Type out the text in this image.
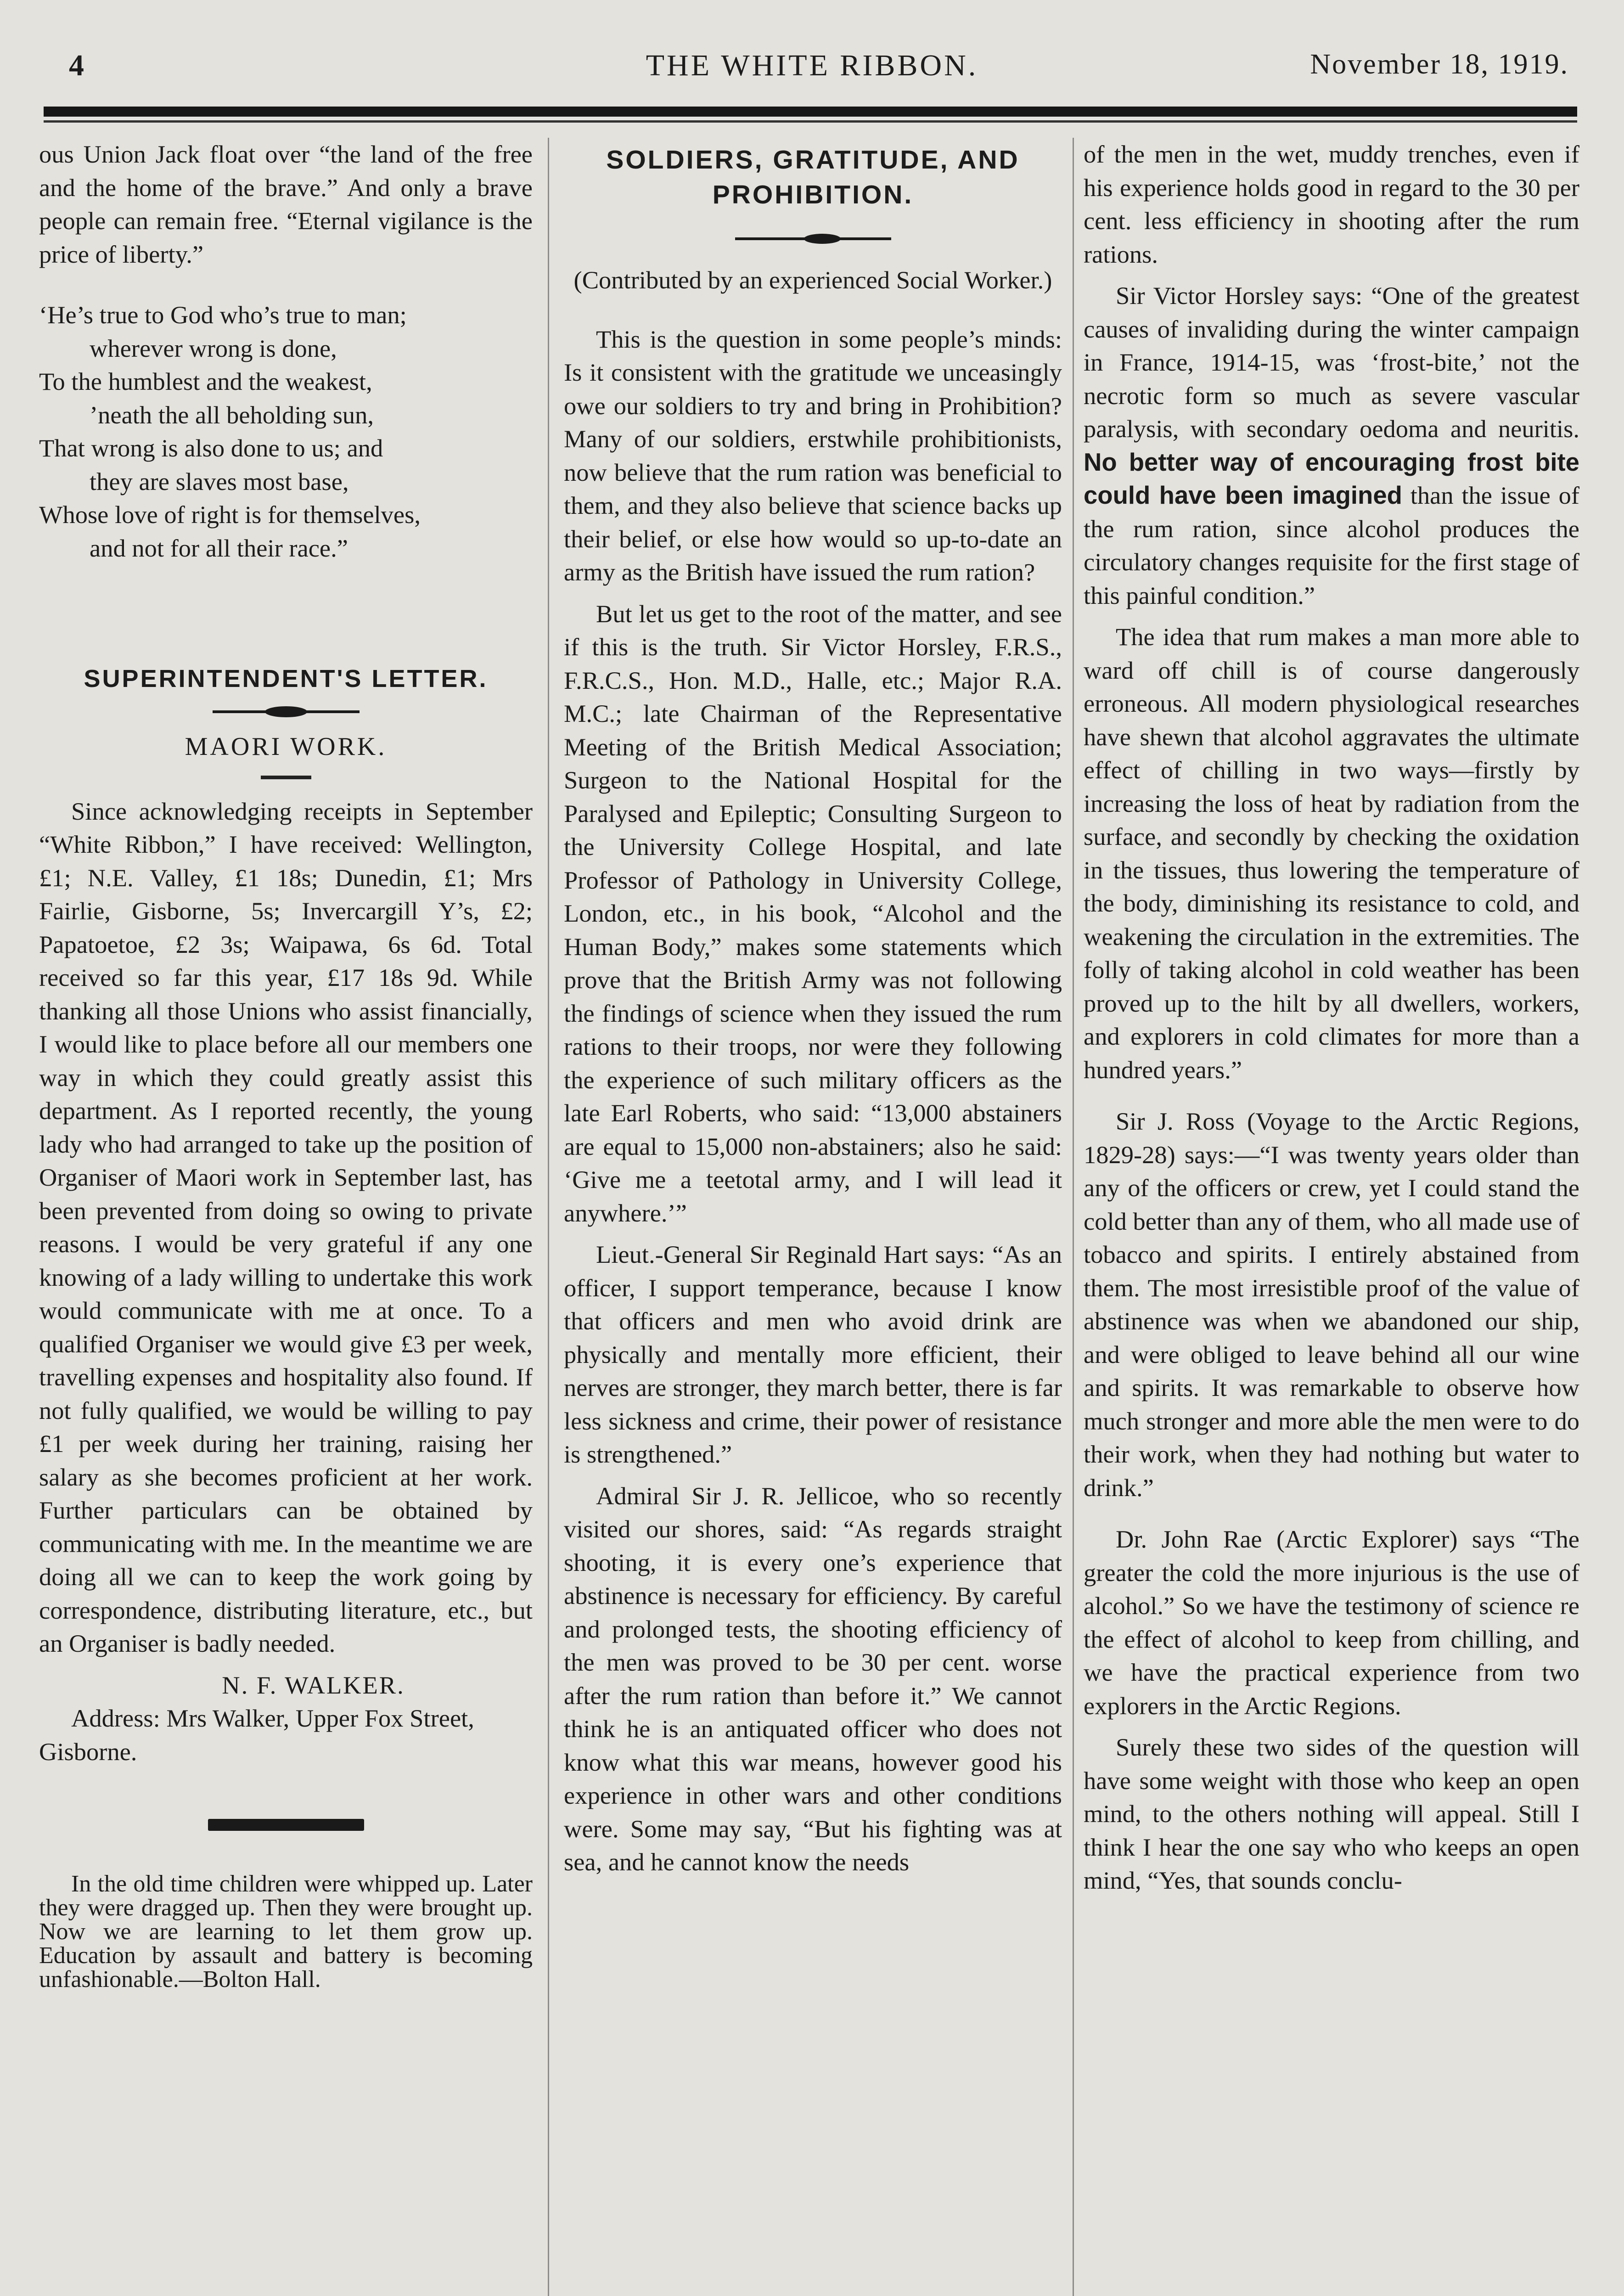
THE WHITE RIBBON.
4	November 18, 1919.

ous Union Jack float over “the land of the free and the home of the brave.” And only a brave people can remain free. “Eternal vigilance is the price of liberty.”

‘He’s true to God who’s true to man;
wherever wrong is done,
To the humblest and the weakest,
’neath the all beholding sun,
That wrong is also done to us; and
they are slaves most base,
Whose love of right is for themselves,
and not for all their race.”
SUPERINTENDENT'S LETTER.
MAORI WORK.

Since acknowledging receipts in September “White Ribbon,” I have received: Wellington, £1; N.E. Valley, £1 18s; Dunedin, £1; Mrs Fairlie, Gisborne, 5s; Invercargill Y’s, £2; Papatoetoe, £2 3s; Waipawa, 6s 6d. Total received so far this year, £17 18s 9d. While thanking all those Unions who assist financially, I would like to place before all our members one way in which they could greatly assist this department. As I reported recently, the young lady who had arranged to take up the position of Organiser of Maori work in September last, has been prevented from doing so owing to private reasons. I would be very grateful if any one knowing of a lady willing to undertake this work would communicate with me at once. To a qualified Organiser we would give £3 per week, travelling expenses and hospitality also found. If not fully qualified, we would be willing to pay £1 per week during her training, raising her salary as she becomes proficient at her work. Further particulars can be obtained by communicating with me. In the meantime we are doing all we can to keep the work going by correspondence, distributing literature, etc., but an Organiser is badly needed.

N. F. WALKER.

Address: Mrs Walker, Upper Fox Street, Gisborne.

In the old time children were whipped up. Later they were dragged up. Then they were brought up. Now we are learning to let them grow up. Education by assault and battery is becoming unfashionable.—Bolton Hall.

SOLDIERS, GRATITUDE, AND PROHIBITION.
(Contributed by an experienced Social Worker.)

This is the question in some people’s minds: Is it consistent with the gratitude we unceasingly owe our soldiers to try and bring in Prohibition? Many of our soldiers, erstwhile prohibitionists, now believe that the rum ration was beneficial to them, and they also believe that science backs up their belief, or else how would so up-to-date an army as the British have issued the rum ration?

But let us get to the root of the matter, and see if this is the truth. Sir Victor Horsley, F.R.S., F.R.C.S., Hon. M.D., Halle, etc.; Major R.A. M.C.; late Chairman of the Representative Meeting of the British Medical Association; Surgeon to the National Hospital for the Paralysed and Epileptic; Consulting Surgeon to the University College Hospital, and late Professor of Pathology in University College, London, etc., in his book, “Alcohol and the Human Body,” makes some statements which prove that the British Army was not following the findings of science when they issued the rum rations to their troops, nor were they following the experience of such military officers as the late Earl Roberts, who said: “13,000 abstainers are equal to 15,000 non-abstainers; also he said: ‘Give me a teetotal army, and I will lead it anywhere.’”

Lieut.-General Sir Reginald Hart says: “As an officer, I support temperance, because I know that officers and men who avoid drink are physically and mentally more efficient, their nerves are stronger, they march better, there is far less sickness and crime, their power of resistance is strengthened.”

Admiral Sir J. R. Jellicoe, who so recently visited our shores, said: “As regards straight shooting, it is every one’s experience that abstinence is necessary for efficiency. By careful and prolonged tests, the shooting efficiency of the men was proved to be 30 per cent. worse after the rum ration than before it.” We cannot think he is an antiquated officer who does not know what this war means, however good his experience in other wars and other conditions were. Some may say, “But his fighting was at sea, and he cannot know the needs

of the men in the wet, muddy trenches, even if his experience holds good in regard to the 30 per cent. less efficiency in shooting after the rum rations.

Sir Victor Horsley says: “One of the greatest causes of invaliding during the winter campaign in France, 1914-15, was ‘frost-bite,’ not the necrotic form so much as severe vascular paralysis, with secondary oedoma and neuritis. No better way of encouraging frost bite could have been imagined than the issue of the rum ration, since alcohol produces the circulatory changes requisite for the first stage of this painful condition.”

The idea that rum makes a man more able to ward off chill is of course dangerously erroneous. All modern physiological researches have shewn that alcohol aggravates the ultimate effect of chilling in two ways—firstly by increasing the loss of heat by radiation from the surface, and secondly by checking the oxidation in the tissues, thus lowering the temperature of the body, diminishing its resistance to cold, and weakening the circulation in the extremities. The folly of taking alcohol in cold weather has been proved up to the hilt by all dwellers, workers, and explorers in cold climates for more than a hundred years.”

Sir J. Ross (Voyage to the Arctic Regions, 1829-28) says:—“I was twenty years older than any of the officers or crew, yet I could stand the cold better than any of them, who all made use of tobacco and spirits. I entirely abstained from them. The most irresistible proof of the value of abstinence was when we abandoned our ship, and were obliged to leave behind all our wine and spirits. It was remarkable to observe how much stronger and more able the men were to do their work, when they had nothing but water to drink.”

Dr. John Rae (Arctic Explorer) says “The greater the cold the more injurious is the use of alcohol.” So we have the testimony of science re the effect of alcohol to keep from chilling, and we have the practical experience from two explorers in the Arctic Regions.

Surely these two sides of the question will have some weight with those who keep an open mind, to the others nothing will appeal. Still I think I hear the one say who who keeps an open mind, “Yes, that sounds conclu-
